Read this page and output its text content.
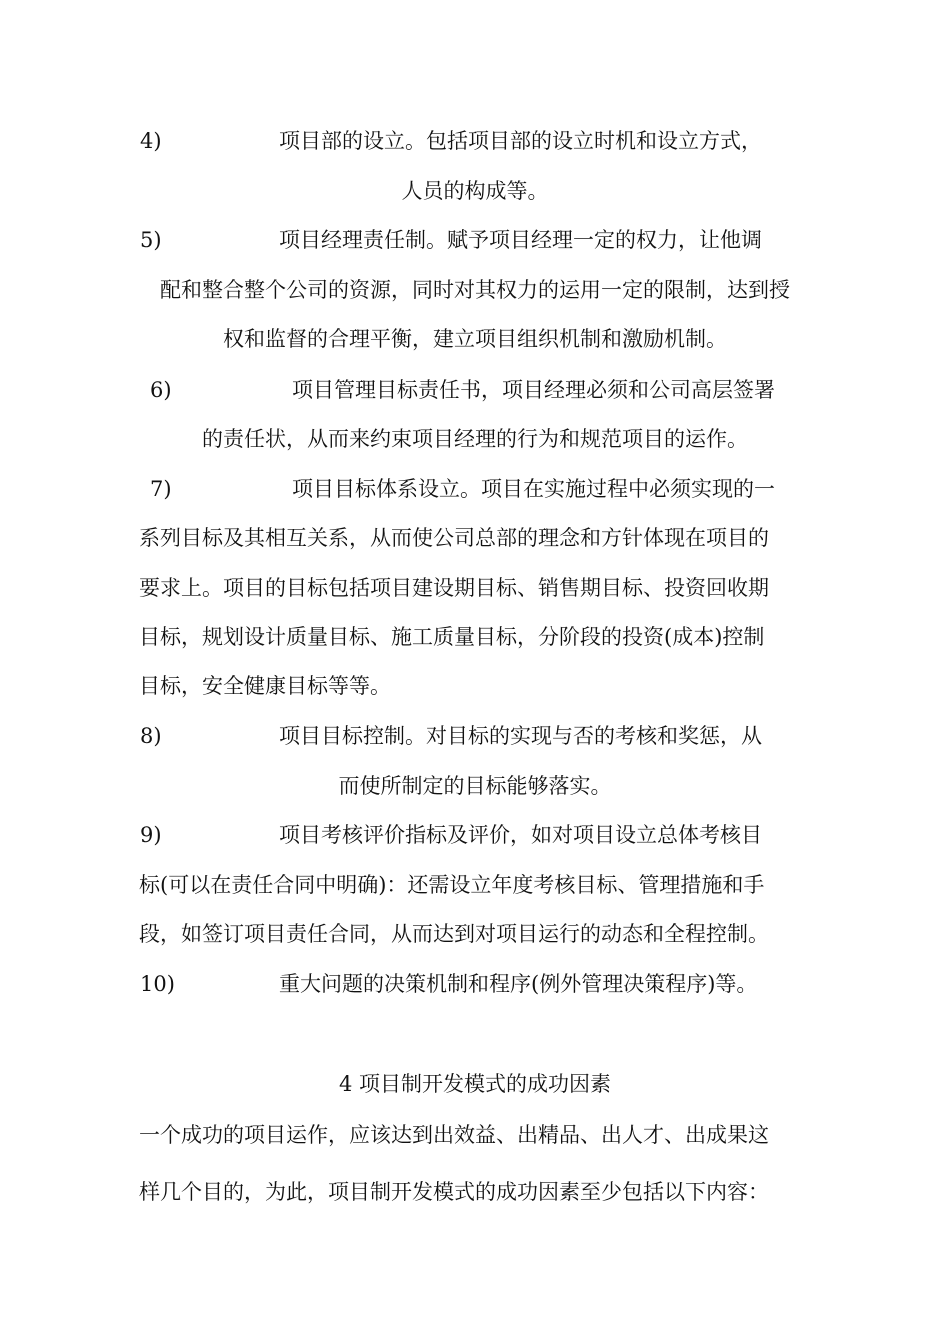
4)	项目部的设立。包括项目部的设立时机和设立方式，
人员的构成等。
5)	项目经理责任制。赋予项目经理一定的权力，让他调
配和整合整个公司的资源，同时对其权力的运用一定的限制，达到授
权和监督的合理平衡，建立项目组织机制和激励机制。
6)	项目管理目标责任书，项目经理必须和公司高层签署
的责任状，从而来约束项目经理的行为和规范项目的运作。
7)	项目目标体系设立。项目在实施过程中必须实现的一
系列目标及其相互关系，从而使公司总部的理念和方针体现在项目的
要求上。项目的目标包括项目建设期目标、销售期目标、投资回收期
目标，规划设计质量目标、施工质量目标，分阶段的投资(成本)控制
目标，安全健康目标等等。
8)	项目目标控制。对目标的实现与否的考核和奖惩，从
而使所制定的目标能够落实。
9)	项目考核评价指标及评价，如对项目设立总体考核目
标(可以在责任合同中明确)：还需设立年度考核目标、管理措施和手
段，如签订项目责任合同，从而达到对项目运行的动态和全程控制。
10)	重大问题的决策机制和程序(例外管理决策程序)等。
4 项目制开发模式的成功因素
一个成功的项目运作，应该达到出效益、出精品、出人才、出成果这
样几个目的，为此，项目制开发模式的成功因素至少包括以下内容：
